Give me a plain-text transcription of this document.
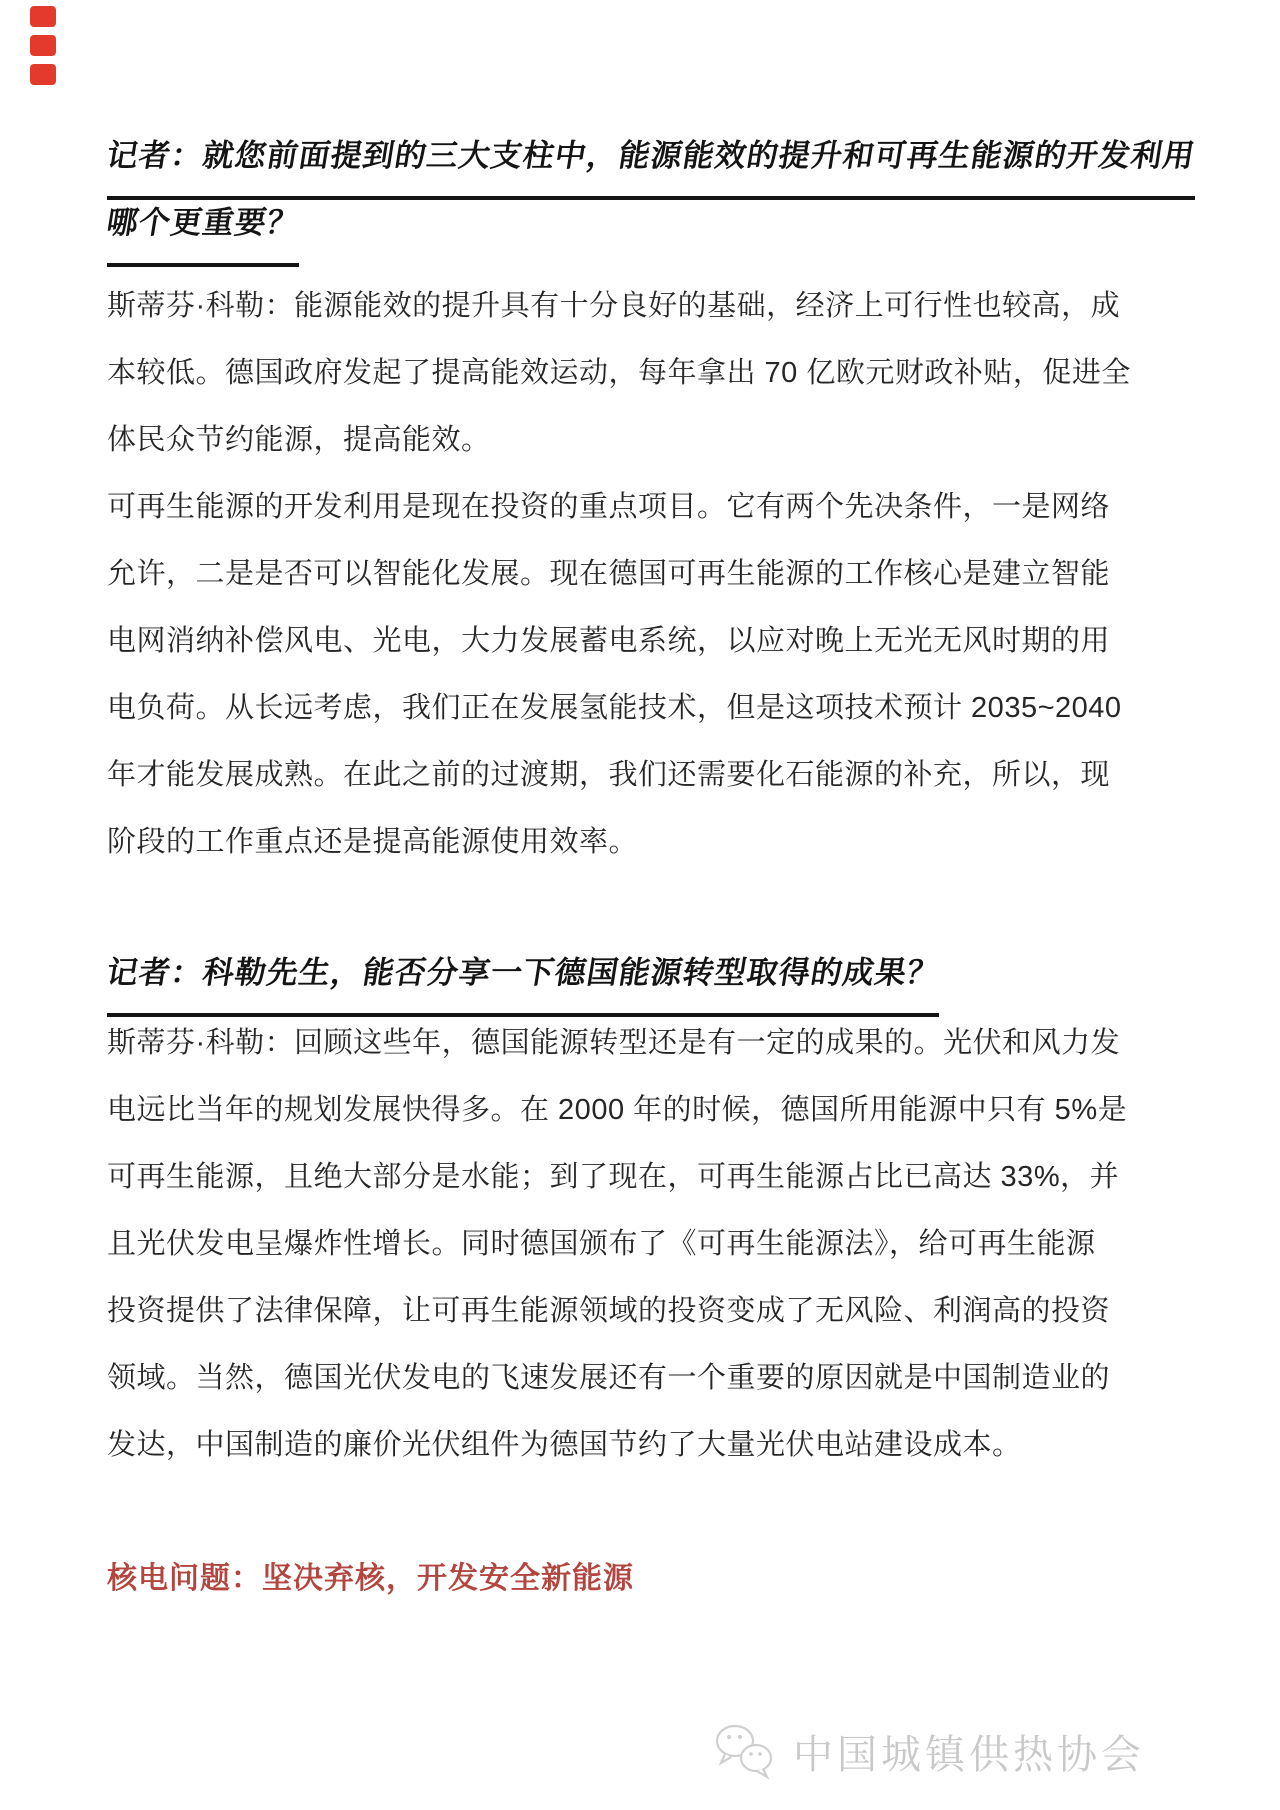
记者：就您前面提到的三大支柱中，能源能效的提升和可再生能源的开发利用
哪个更重要？
斯蒂芬·科勒：能源能效的提升具有十分良好的基础，经济上可行性也较高，成
本较低。德国政府发起了提高能效运动，每年拿出 70 亿欧元财政补贴，促进全
体民众节约能源，提高能效。
可再生能源的开发利用是现在投资的重点项目。它有两个先决条件，一是网络
允许，二是是否可以智能化发展。现在德国可再生能源的工作核心是建立智能
电网消纳补偿风电、光电，大力发展蓄电系统，以应对晚上无光无风时期的用
电负荷。从长远考虑，我们正在发展氢能技术，但是这项技术预计 2035~2040
年才能发展成熟。在此之前的过渡期，我们还需要化石能源的补充，所以，现
阶段的工作重点还是提高能源使用效率。
记者：科勒先生，能否分享一下德国能源转型取得的成果？
斯蒂芬·科勒：回顾这些年，德国能源转型还是有一定的成果的。光伏和风力发
电远比当年的规划发展快得多。在 2000 年的时候，德国所用能源中只有 5%是
可再生能源，且绝大部分是水能；到了现在，可再生能源占比已高达 33%，并
且光伏发电呈爆炸性增长。同时德国颁布了《可再生能源法》，给可再生能源
投资提供了法律保障，让可再生能源领域的投资变成了无风险、利润高的投资
领域。当然，德国光伏发电的飞速发展还有一个重要的原因就是中国制造业的
发达，中国制造的廉价光伏组件为德国节约了大量光伏电站建设成本。
核电问题：坚决弃核，开发安全新能源
中国城镇供热协会
